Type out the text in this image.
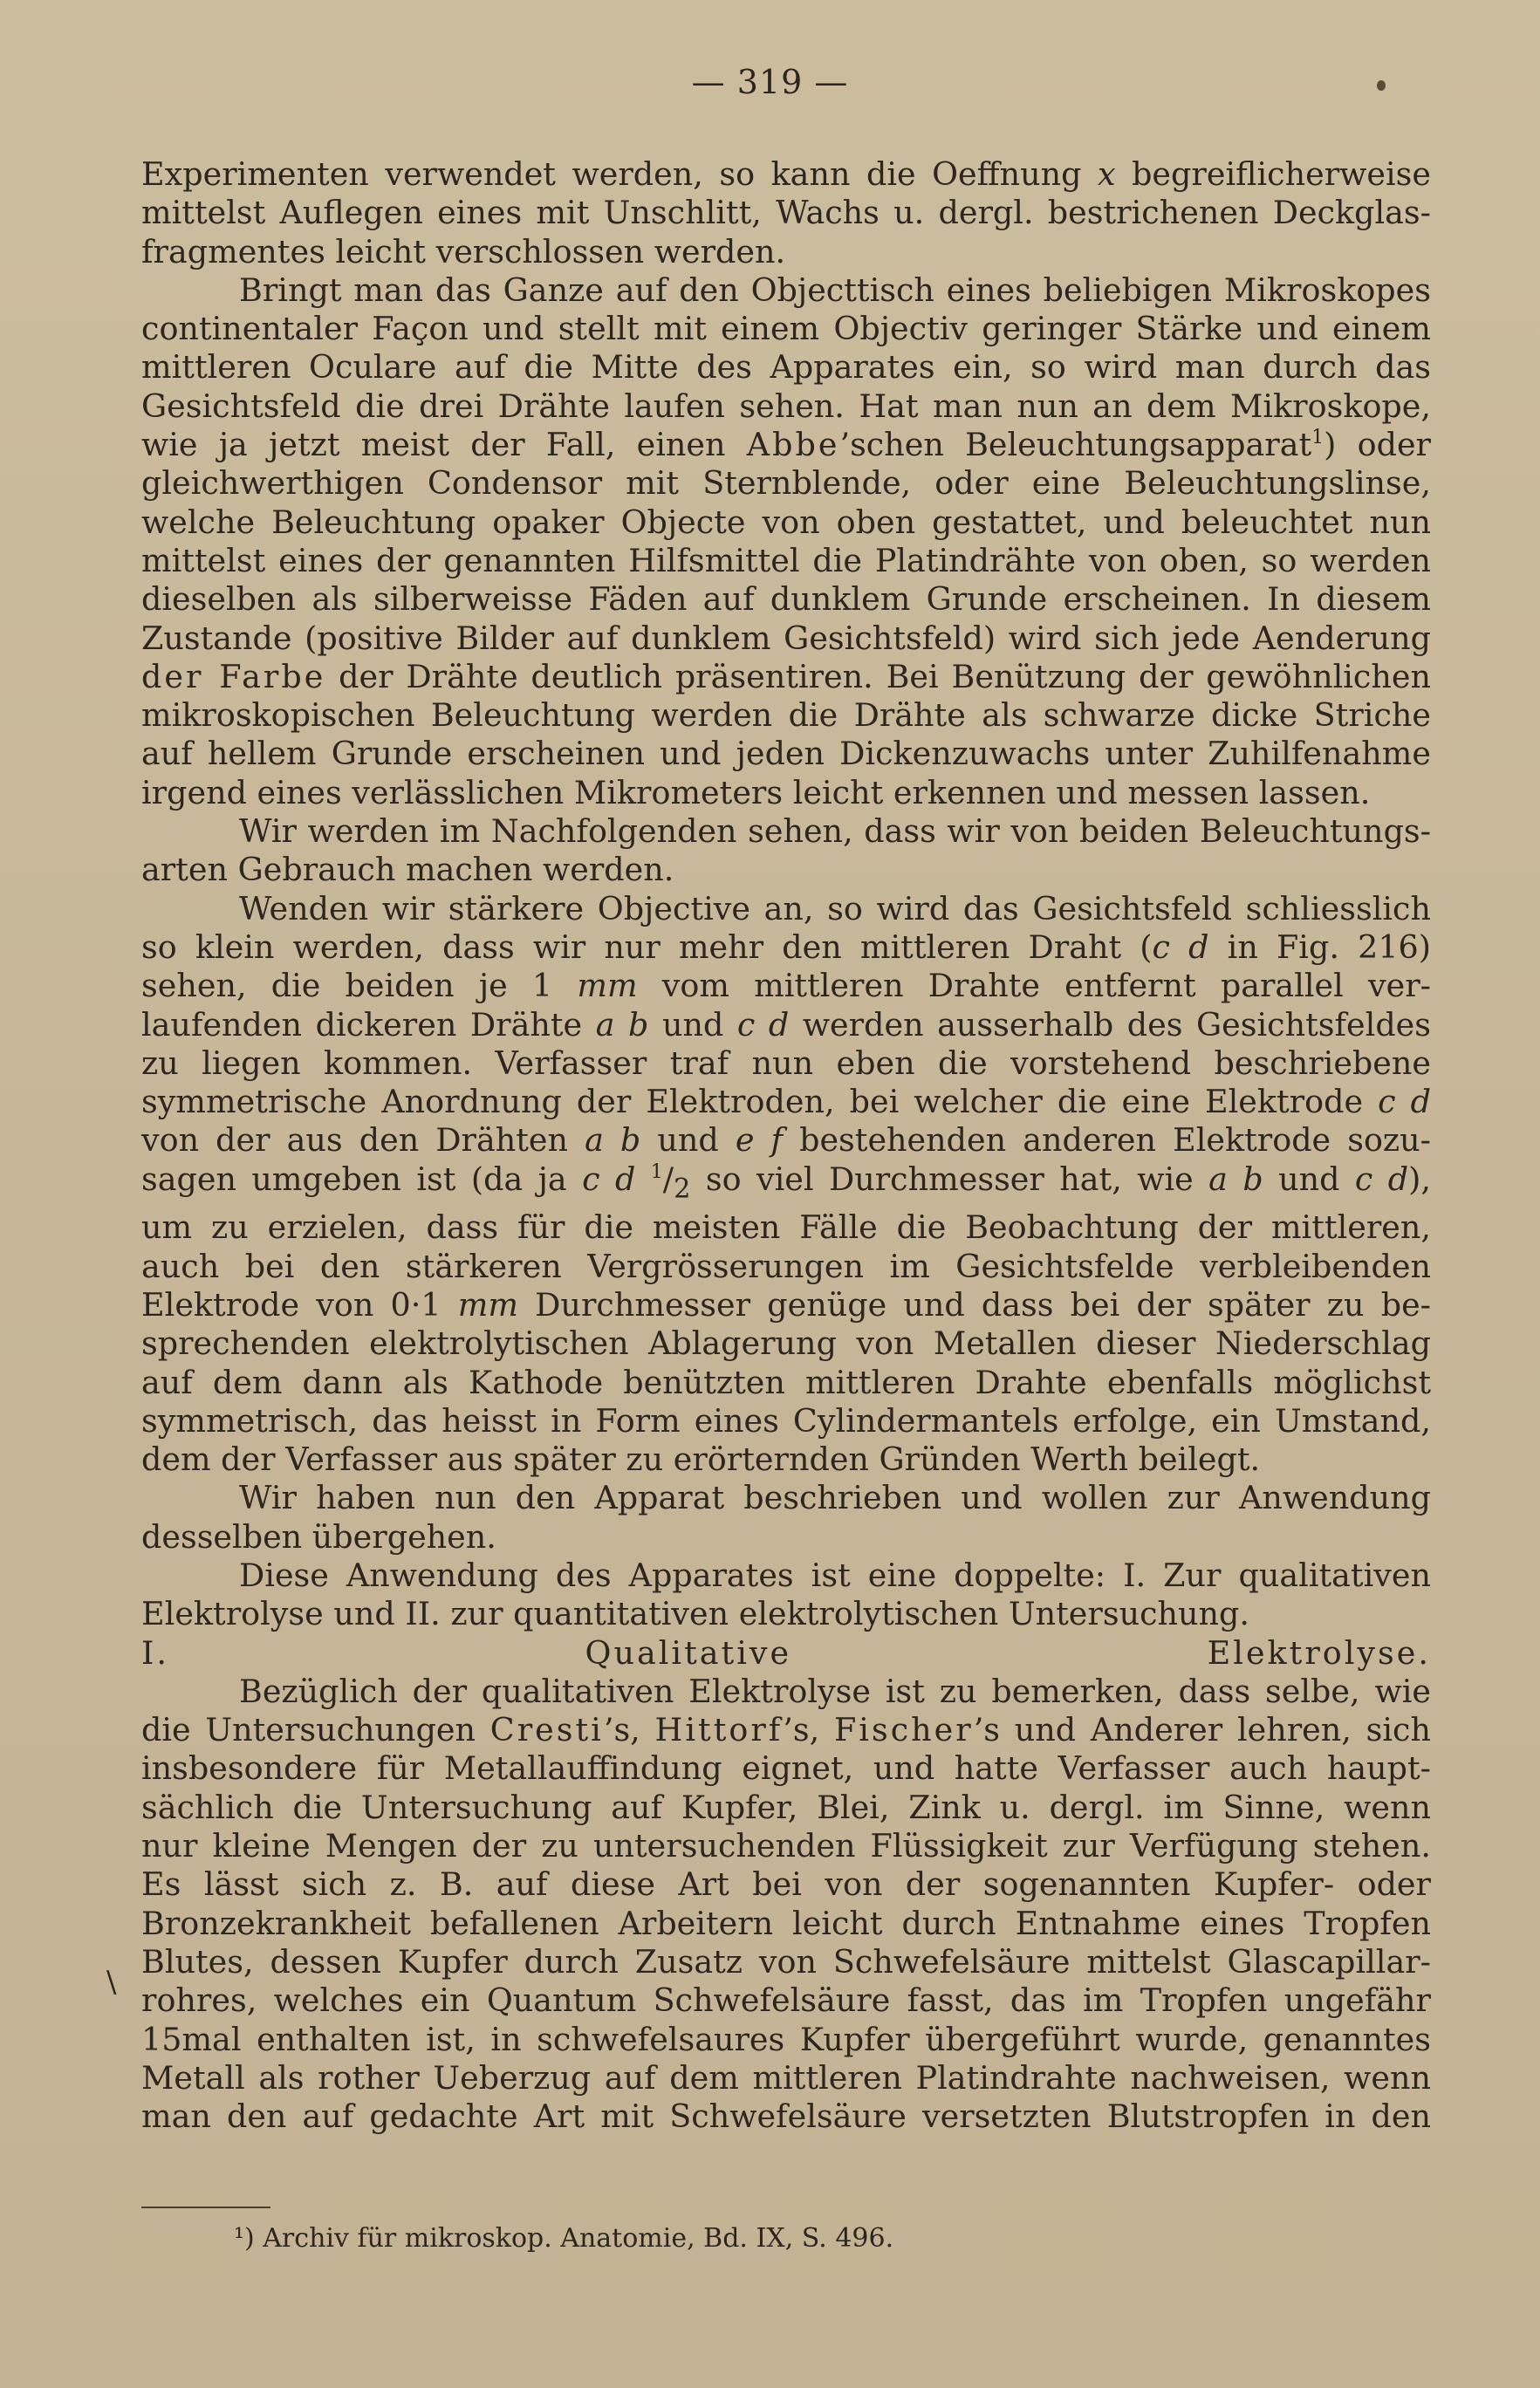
— 319 —

Experimenten verwendet werden, so kann die Oeffnung x begreiflicherweise

mittelst Auflegen eines mit Unschlitt, Wachs u. dergl. bestrichenen Deckglas-

fragmentes leicht verschlossen werden.

Bringt man das Ganze auf den Objecttisch eines beliebigen Mikroskopes

continentaler Façon und stellt mit einem Objectiv geringer Stärke und einem

mittleren Oculare auf die Mitte des Apparates ein, so wird man durch das

Gesichtsfeld die drei Drähte laufen sehen. Hat man nun an dem Mikroskope,

wie ja jetzt meist der Fall, einen Abbe’schen Beleuchtungsapparat$^1$) oder

gleichwerthigen Condensor mit Sternblende, oder eine Beleuchtungslinse,

welche Beleuchtung opaker Objecte von oben gestattet, und beleuchtet nun

mittelst eines der genannten Hilfsmittel die Platindrähte von oben, so werden

dieselben als silberweisse Fäden auf dunklem Grunde erscheinen. In diesem

Zustande (positive Bilder auf dunklem Gesichtsfeld) wird sich jede Aenderung

der Farbe der Drähte deutlich präsentiren. Bei Benützung der gewöhnlichen

mikroskopischen Beleuchtung werden die Drähte als schwarze dicke Striche

auf hellem Grunde erscheinen und jeden Dickenzuwachs unter Zuhilfenahme

irgend eines verlässlichen Mikrometers leicht erkennen und messen lassen.

Wir werden im Nachfolgenden sehen, dass wir von beiden Beleuchtungs-

arten Gebrauch machen werden.

Wenden wir stärkere Objective an, so wird das Gesichtsfeld schliesslich

so klein werden, dass wir nur mehr den mittleren Draht (c d in Fig. 216)

sehen, die beiden je 1 mm vom mittleren Drahte entfernt parallel ver-

laufenden dickeren Drähte a b und c d werden ausserhalb des Gesichtsfeldes

zu liegen kommen. Verfasser traf nun eben die vorstehend beschriebene

symmetrische Anordnung der Elektroden, bei welcher die eine Elektrode c d

von der aus den Drähten a b und e f bestehenden anderen Elektrode sozu-

sagen umgeben ist (da ja c d $^1/_2$ so viel Durchmesser hat, wie a b und c d),

um zu erzielen, dass für die meisten Fälle die Beobachtung der mittleren,

auch bei den stärkeren Vergrösserungen im Gesichtsfelde verbleibenden

Elektrode von 0·1 mm Durchmesser genüge und dass bei der später zu be-

sprechenden elektrolytischen Ablagerung von Metallen dieser Niederschlag

auf dem dann als Kathode benützten mittleren Drahte ebenfalls möglichst

symmetrisch, das heisst in Form eines Cylindermantels erfolge, ein Umstand,

dem der Verfasser aus später zu erörternden Gründen Werth beilegt.

Wir haben nun den Apparat beschrieben und wollen zur Anwendung

desselben übergehen.

Diese Anwendung des Apparates ist eine doppelte: I. Zur qualitativen

Elektrolyse und II. zur quantitativen elektrolytischen Untersuchung.

I. Qualitative Elektrolyse.

Bezüglich der qualitativen Elektrolyse ist zu bemerken, dass selbe, wie

die Untersuchungen Cresti’s, Hittorf’s, Fischer’s und Anderer lehren, sich

insbesondere für Metallauffindung eignet, und hatte Verfasser auch haupt-

sächlich die Untersuchung auf Kupfer, Blei, Zink u. dergl. im Sinne, wenn

nur kleine Mengen der zu untersuchenden Flüssigkeit zur Verfügung stehen.

Es lässt sich z. B. auf diese Art bei von der sogenannten Kupfer- oder

Bronzekrankheit befallenen Arbeitern leicht durch Entnahme eines Tropfen

Blutes, dessen Kupfer durch Zusatz von Schwefelsäure mittelst Glascapillar-

rohres, welches ein Quantum Schwefelsäure fasst, das im Tropfen ungefähr

15mal enthalten ist, in schwefelsaures Kupfer übergeführt wurde, genanntes

Metall als rother Ueberzug auf dem mittleren Platindrahte nachweisen, wenn

man den auf gedachte Art mit Schwefelsäure versetzten Blutstropfen in den

\
¹) Archiv für mikroskop. Anatomie, Bd. IX, S. 496.
